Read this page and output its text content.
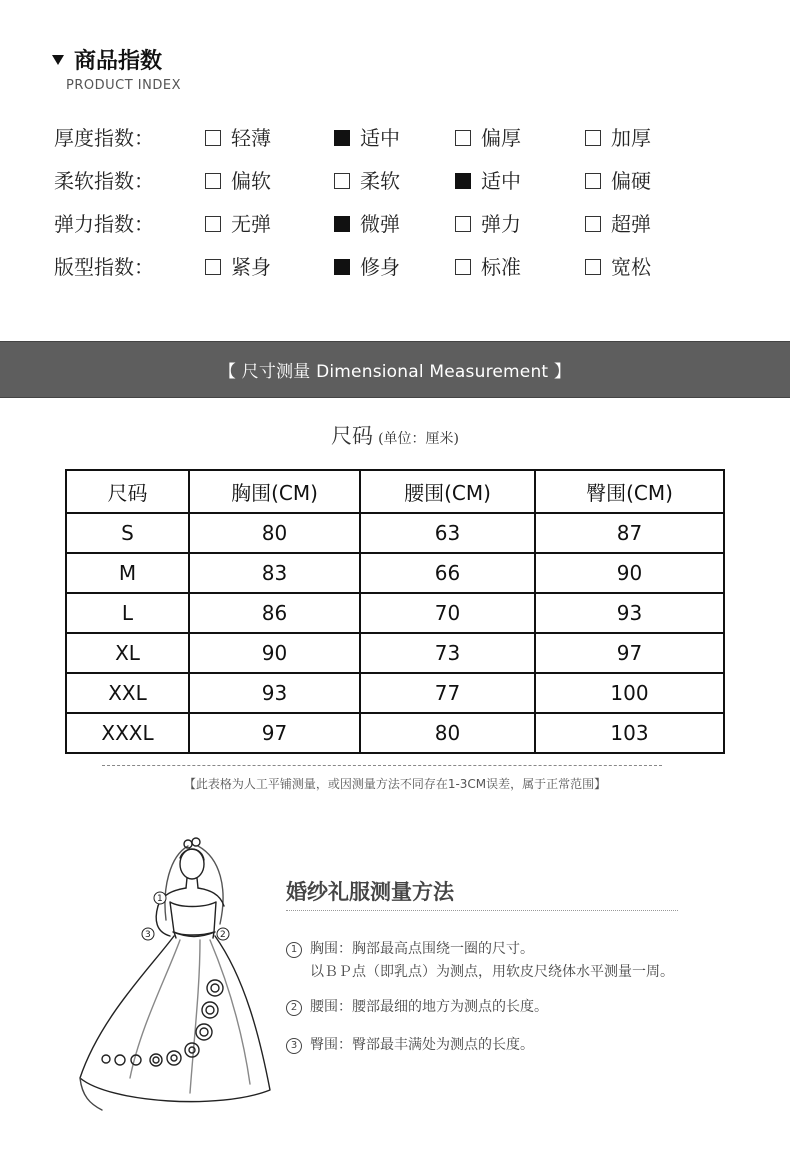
商品指数
PRODUCT INDEX
厚度指数：	轻薄	适中	偏厚	加厚
柔软指数：	偏软	柔软	适中	偏硬
弹力指数：	无弹	微弹	弹力	超弹
版型指数：	紧身	修身	标准	宽松
【 尺寸测量 Dimensional Measurement 】
尺码 (单位：厘米)
尺码	胸围(CM)	腰围(CM)	臀围(CM)
S	80	63	87
M	83	66	90
L	86	70	93
XL	90	73	97
XXL	93	77	100
XXXL	97	80	103
【此表格为人工平铺测量，或因测量方法不同存在1-3CM误差，属于正常范围】
1
3	2
婚纱礼服测量方法
1 胸围：胸部最高点围绕一圈的尺寸。
以ＢＰ点（即乳点）为测点，用软皮尺绕体水平测量一周。
2 腰围：腰部最细的地方为测点的长度。
3 臀围：臀部最丰满处为测点的长度。
